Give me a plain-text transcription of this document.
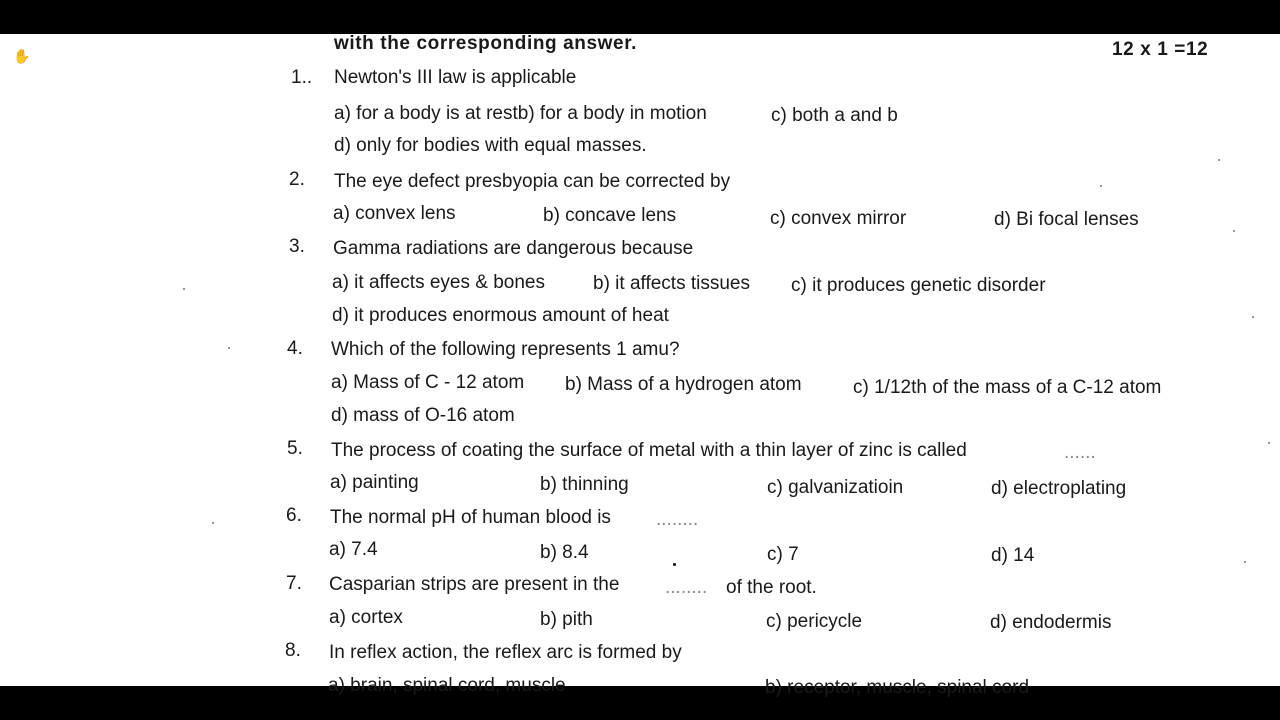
✋
with the corresponding answer.	12 x 1 =12
1.. Newton's III law is applicable
a) for a body is at restb) for a body in motion	c) both a and b
d) only for bodies with equal masses.
2. The eye defect presbyopia can be corrected by
a) convex lens	b) concave lens	c) convex mirror	d) Bi focal lenses
3. Gamma radiations are dangerous because
a) it affects eyes & bones	b) it affects tissues c) it produces genetic disorder
d) it produces enormous amount of heat
4. Which of the following represents 1 amu?
a) Mass of C - 12 atom b) Mass of a hydrogen atom	c) 1/12th of the mass of a C-12 atom
d) mass of O-16 atom
5. The process of coating the surface of metal with a thin layer of zinc is called	......
a) painting	b) thinning	c) galvanizatioin	d) electroplating
6. The normal pH of human blood is ........
a) 7.4	b) 8.4	c) 7	d) 14
7. Casparian strips are present in the ........ of the root.
a) cortex	b) pith	c) pericycle	d) endodermis
8. In reflex action, the reflex arc is formed by
a) brain, spinal cord, muscle	b) receptor, muscle, spinal cord
